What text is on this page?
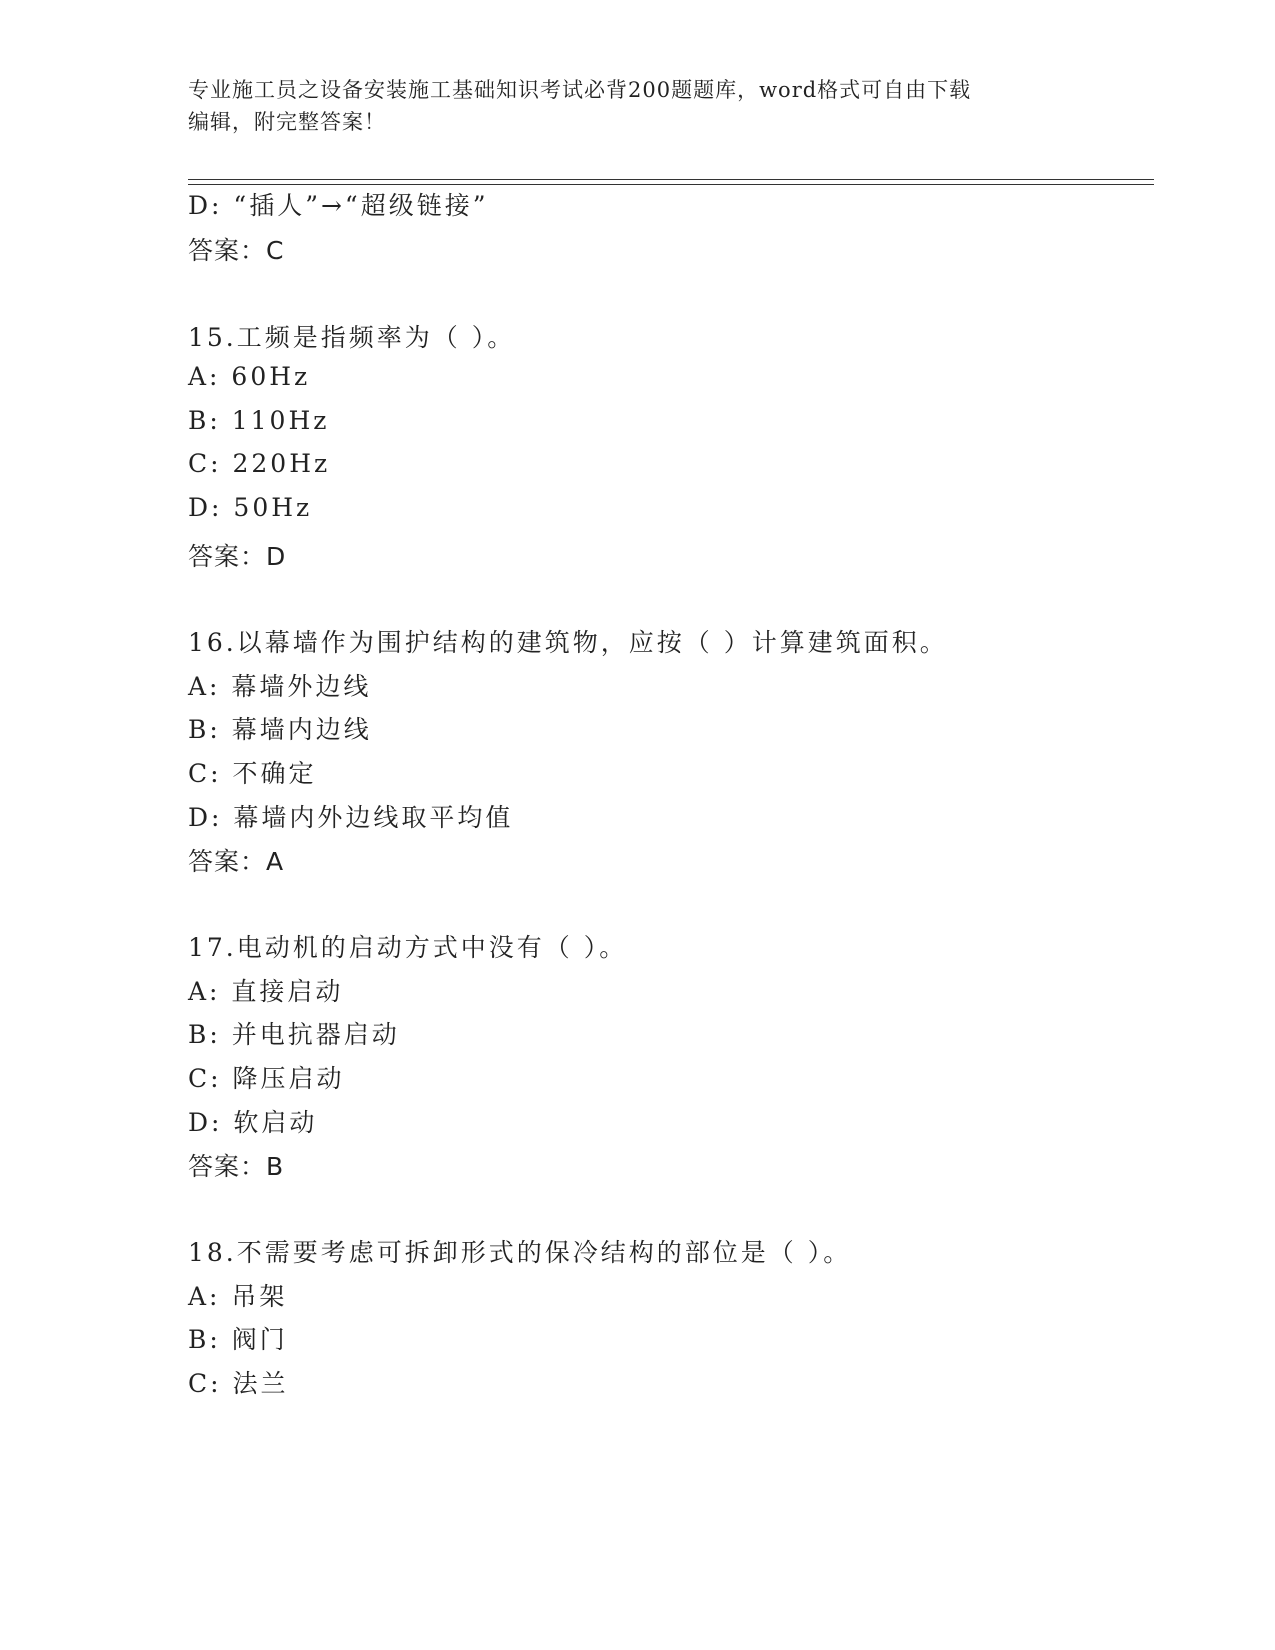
专业施工员之设备安装施工基础知识考试必背200题题库，word格式可自由下载
编辑，附完整答案！
D: “插人”→“超级链接”
答案：C
15.工频是指频率为（ ）。
A: 60Hz
B: 110Hz
C: 220Hz
D: 50Hz
答案：D
16.以幕墙作为围护结构的建筑物，应按（ ）计算建筑面积。
A: 幕墙外边线
B: 幕墙内边线
C: 不确定
D: 幕墙内外边线取平均值
答案：A
17.电动机的启动方式中没有（ ）。
A: 直接启动
B: 并电抗器启动
C: 降压启动
D: 软启动
答案：B
18.不需要考虑可拆卸形式的保冷结构的部位是（ ）。
A: 吊架
B: 阀门
C: 法兰
